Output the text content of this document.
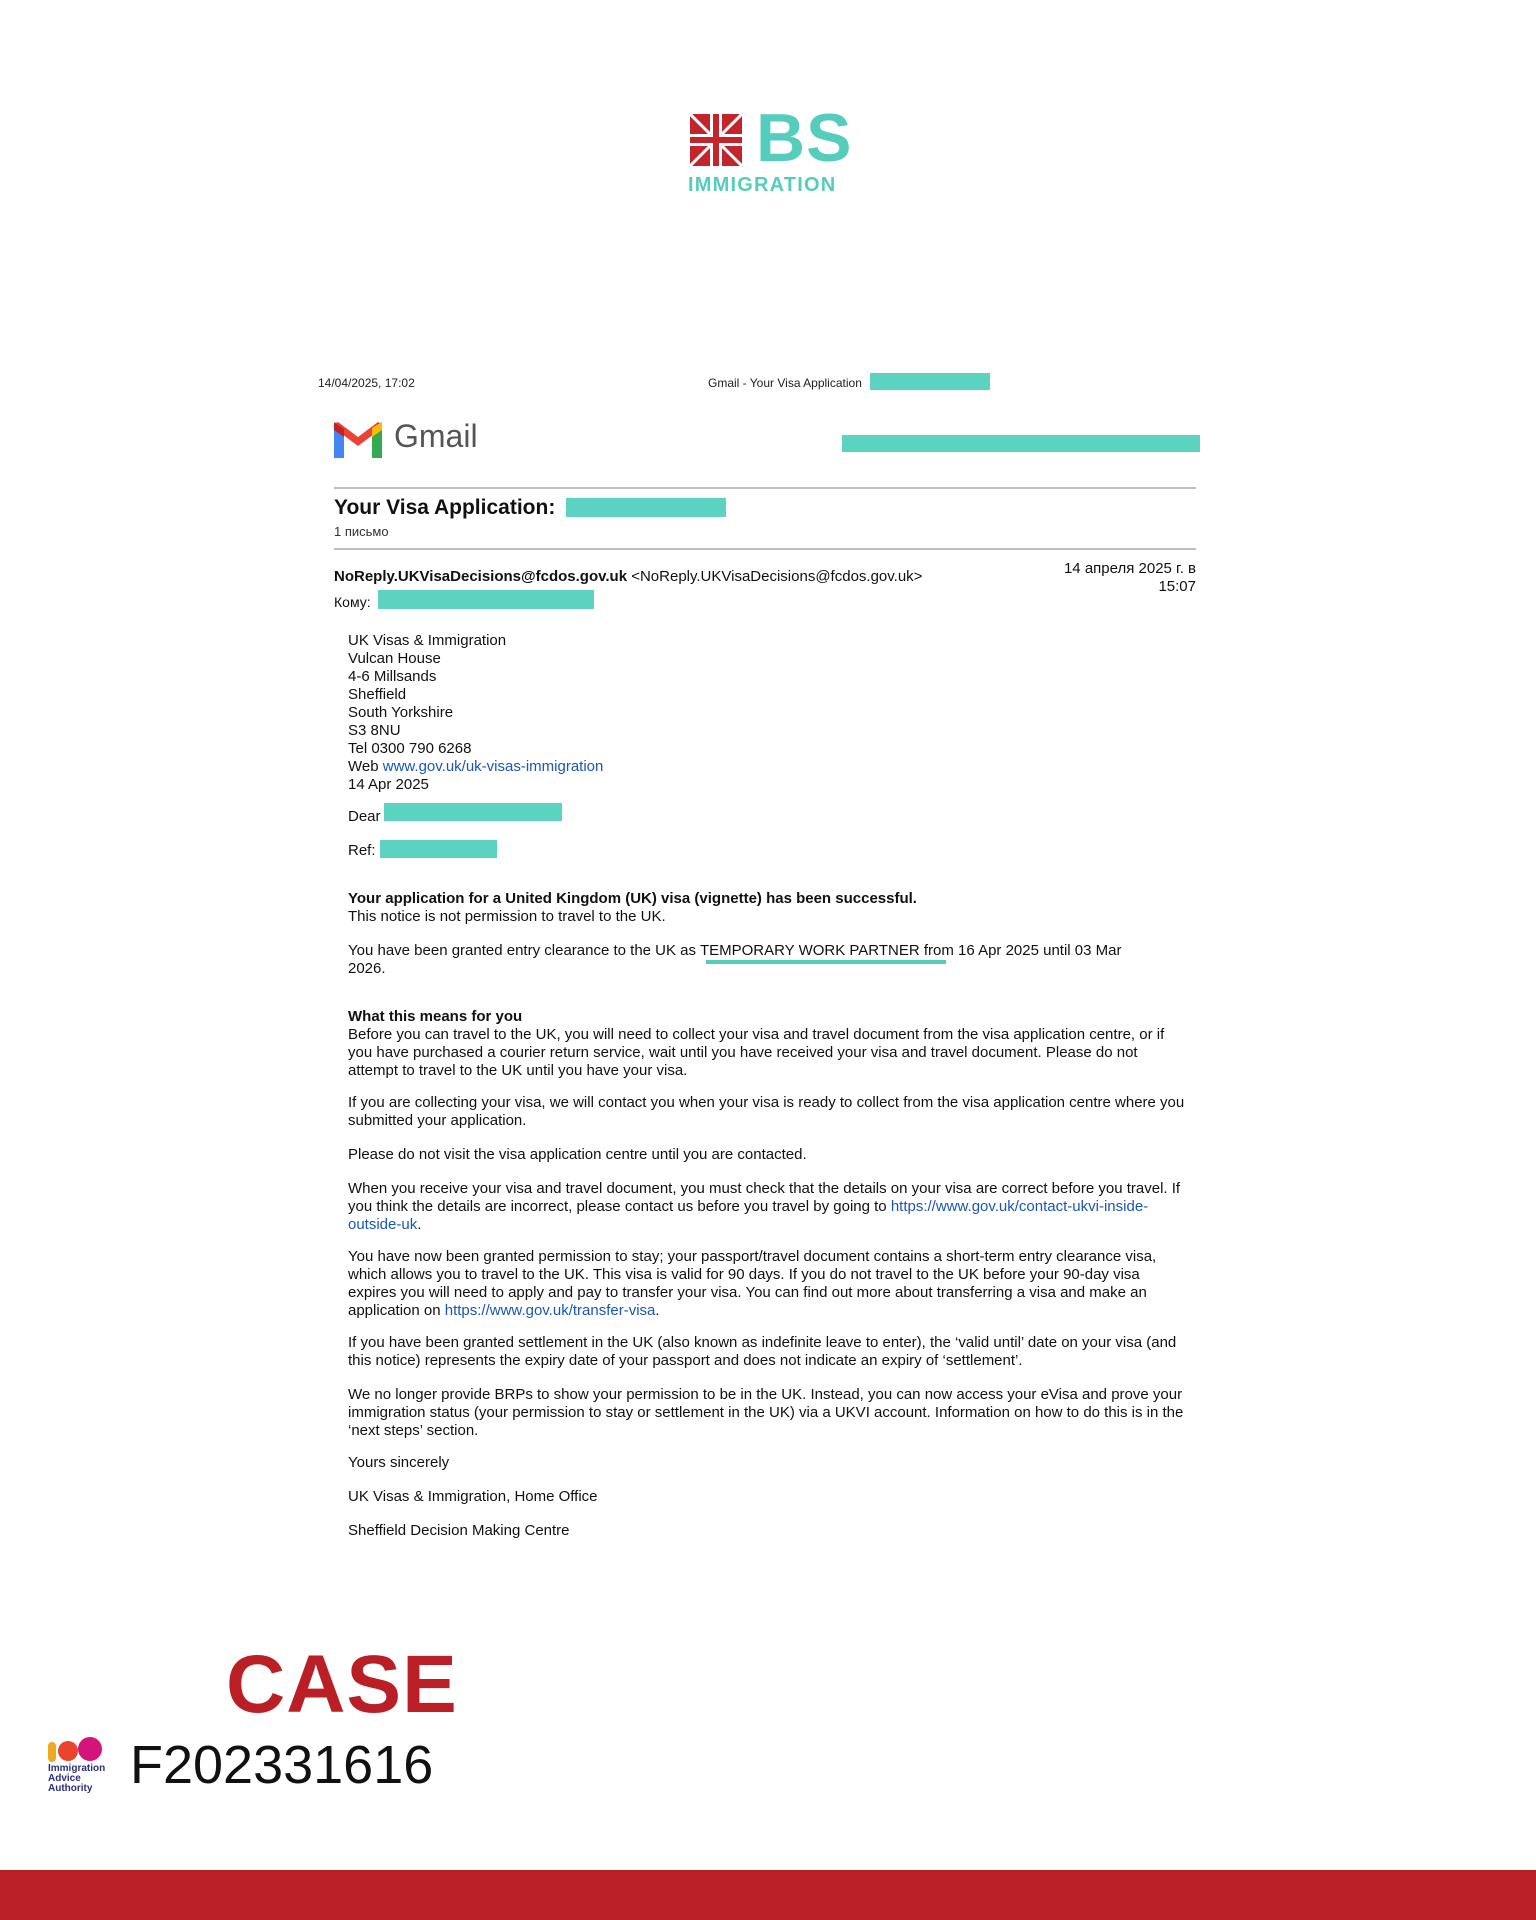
BS
IMMIGRATION
14/04/2025, 17:02	Gmail - Your Visa Application
Gmail
Your Visa Application:
1 письмо
NoReply.UKVisaDecisions@fcdos.gov.uk <NoReply.UKVisaDecisions@fcdos.gov.uk>	14 апреля 2025 г. в
15:07
Кому:
UK Visas & Immigration
Vulcan House
4-6 Millsands
Sheffield
South Yorkshire
S3 8NU
Tel 0300 790 6268
Web www.gov.uk/uk-visas-immigration
14 Apr 2025
Dear
Ref:
Your application for a United Kingdom (UK) visa (vignette) has been successful.
This notice is not permission to travel to the UK.
You have been granted entry clearance to the UK as TEMPORARY WORK PARTNER from 16 Apr 2025 until 03 Mar
2026.
What this means for you
Before you can travel to the UK, you will need to collect your visa and travel document from the visa application centre, or if you have purchased a courier return service, wait until you have received your visa and travel document. Please do not attempt to travel to the UK until you have your visa.
If you are collecting your visa, we will contact you when your visa is ready to collect from the visa application centre where you submitted your application.
Please do not visit the visa application centre until you are contacted.
When you receive your visa and travel document, you must check that the details on your visa are correct before you travel. If you think the details are incorrect, please contact us before you travel by going to https://www.gov.uk/contact-ukvi-inside-outside-uk.
You have now been granted permission to stay; your passport/travel document contains a short-term entry clearance visa, which allows you to travel to the UK. This visa is valid for 90 days. If you do not travel to the UK before your 90-day visa expires you will need to apply and pay to transfer your visa. You can find out more about transferring a visa and make an application on https://www.gov.uk/transfer-visa.
If you have been granted settlement in the UK (also known as indefinite leave to enter), the ‘valid until’ date on your visa (and this notice) represents the expiry date of your passport and does not indicate an expiry of ‘settlement’.
We no longer provide BRPs to show your permission to be in the UK. Instead, you can now access your eVisa and prove your immigration status (your permission to stay or settlement in the UK) via a UKVI account. Information on how to do this is in the ‘next steps’ section.
Yours sincerely
UK Visas & Immigration, Home Office
Sheffield Decision Making Centre
CASE
Immigration
Advice
Authority F202331616
